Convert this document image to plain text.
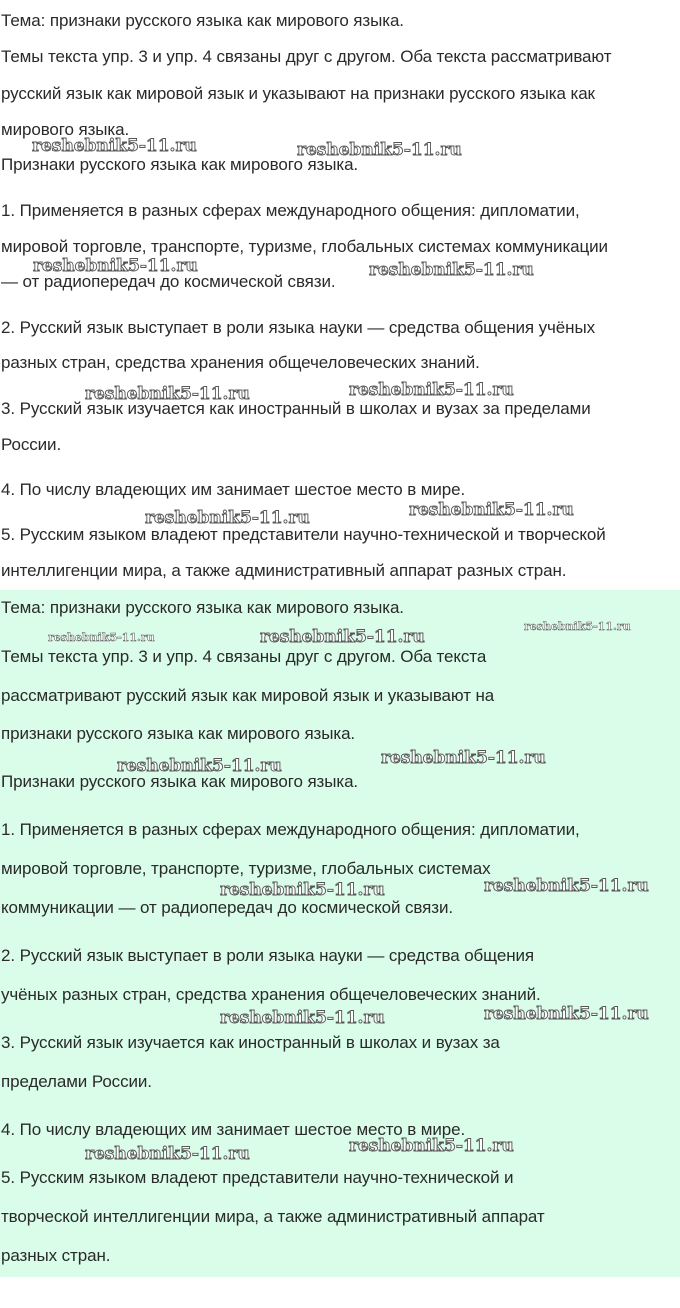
Тема: признаки русского языка как мирового языка.
Темы текста упр. 3 и упр. 4 связаны друг с другом. Оба текста рассматривают
русский язык как мировой язык и указывают на признаки русского языка как
мирового языка.
Признаки русского языка как мирового языка.
1. Применяется в разных сферах международного общения: дипломатии,
мировой торговле, транспорте, туризме, глобальных системах коммуникации
— от радиопередач до космической связи.
2. Русский язык выступает в роли языка науки — средства общения учёных
разных стран, средства хранения общечеловеческих знаний.
3. Русский язык изучается как иностранный в школах и вузах за пределами
России.
4. По числу владеющих им занимает шестое место в мире.
5. Русским языком владеют представители научно-технической и творческой
интеллигенции мира, а также административный аппарат разных стран.
Тема: признаки русского языка как мирового языка.
Темы текста упр. 3 и упр. 4 связаны друг с другом. Оба текста
рассматривают русский язык как мировой язык и указывают на
признаки русского языка как мирового языка.
Признаки русского языка как мирового языка.
1. Применяется в разных сферах международного общения: дипломатии,
мировой торговле, транспорте, туризме, глобальных системах
коммуникации — от радиопередач до космической связи.
2. Русский язык выступает в роли языка науки — средства общения
учёных разных стран, средства хранения общечеловеческих знаний.
3. Русский язык изучается как иностранный в школах и вузах за
пределами России.
4. По числу владеющих им занимает шестое место в мире.
5. Русским языком владеют представители научно-технической и
творческой интеллигенции мира, а также административный аппарат
разных стран.
reshebnik5-11.ru	reshebnik5-11.ru
reshebnik5-11.ru	reshebnik5-11.ru
reshebnik5-11.ru	reshebnik5-11.ru
reshebnik5-11.ru	reshebnik5-11.ru
reshebnik5-11.ru	reshebnik5-11.ru
reshebnik5-11.ru
reshebnik5-11.ru	reshebnik5-11.ru
reshebnik5-11.ru	reshebnik5-11.ru
reshebnik5-11.ru	reshebnik5-11.ru
reshebnik5-11.ru	reshebnik5-11.ru
